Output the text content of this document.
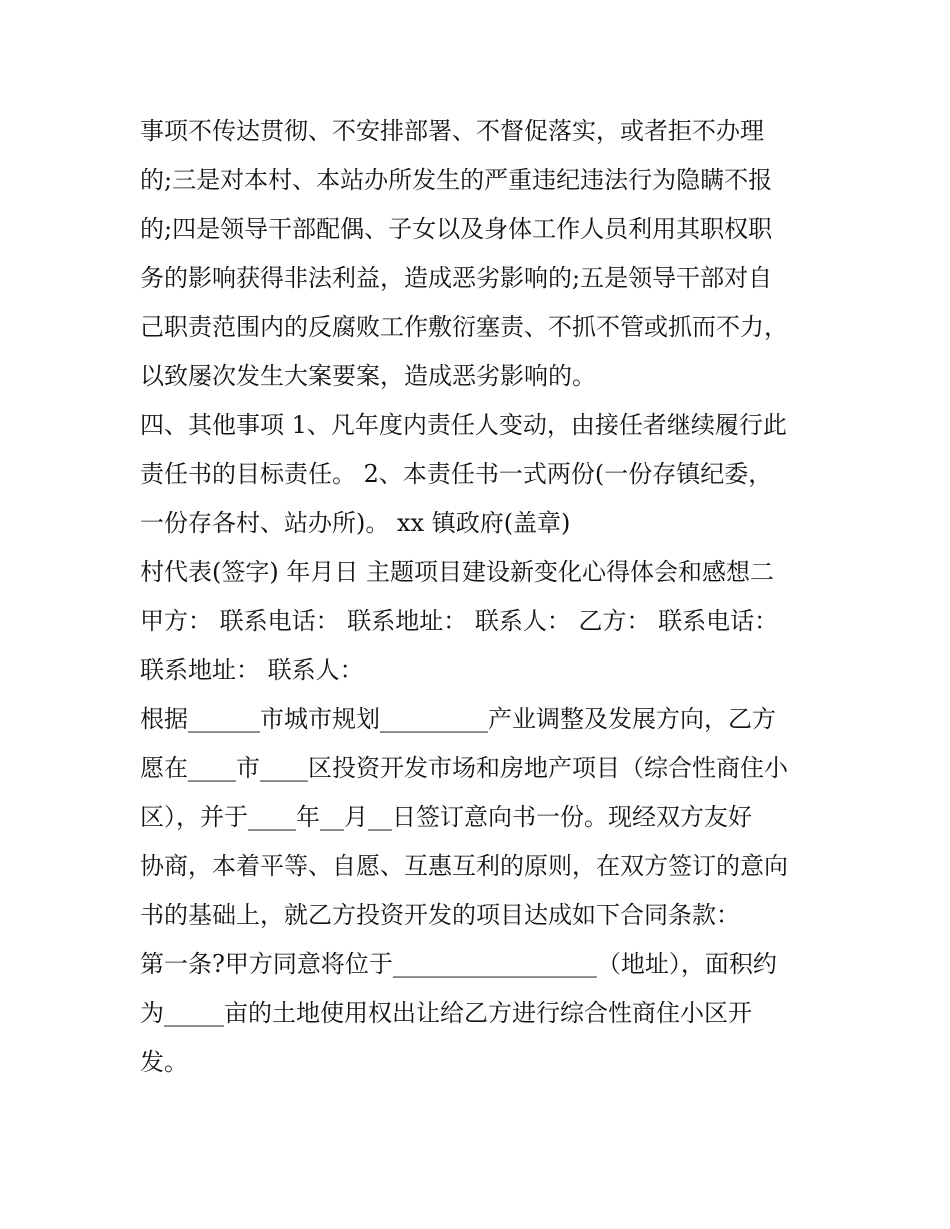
事项不传达贯彻、不安排部署、不督促落实，或者拒不办理
的;三是对本村、本站办所发生的严重违纪违法行为隐瞒不报
的;四是领导干部配偶、子女以及身体工作人员利用其职权职
务的影响获得非法利益，造成恶劣影响的;五是领导干部对自
己职责范围内的反腐败工作敷衍塞责、不抓不管或抓而不力，
以致屡次发生大案要案，造成恶劣影响的。
四、其他事项 1、凡年度内责任人变动，由接任者继续履行此
责任书的目标责任。 2、本责任书一式两份(一份存镇纪委，
一份存各村、站办所)。 xx 镇政府(盖章)
村代表(签字) 年月日 主题项目建设新变化心得体会和感想二
甲方： 联系电话： 联系地址： 联系人： 乙方： 联系电话：
联系地址： 联系人：
根据______市城市规划_________产业调整及发展方向，乙方
愿在____市____区投资开发市场和房地产项目（综合性商住小
区），并于____年__月__日签订意向书一份。现经双方友好
协商，本着平等、自愿、互惠互利的原则，在双方签订的意向
书的基础上，就乙方投资开发的项目达成如下合同条款：
第一条?甲方同意将位于_________________（地址），面积约
为_____亩的土地使用权出让给乙方进行综合性商住小区开
发。
